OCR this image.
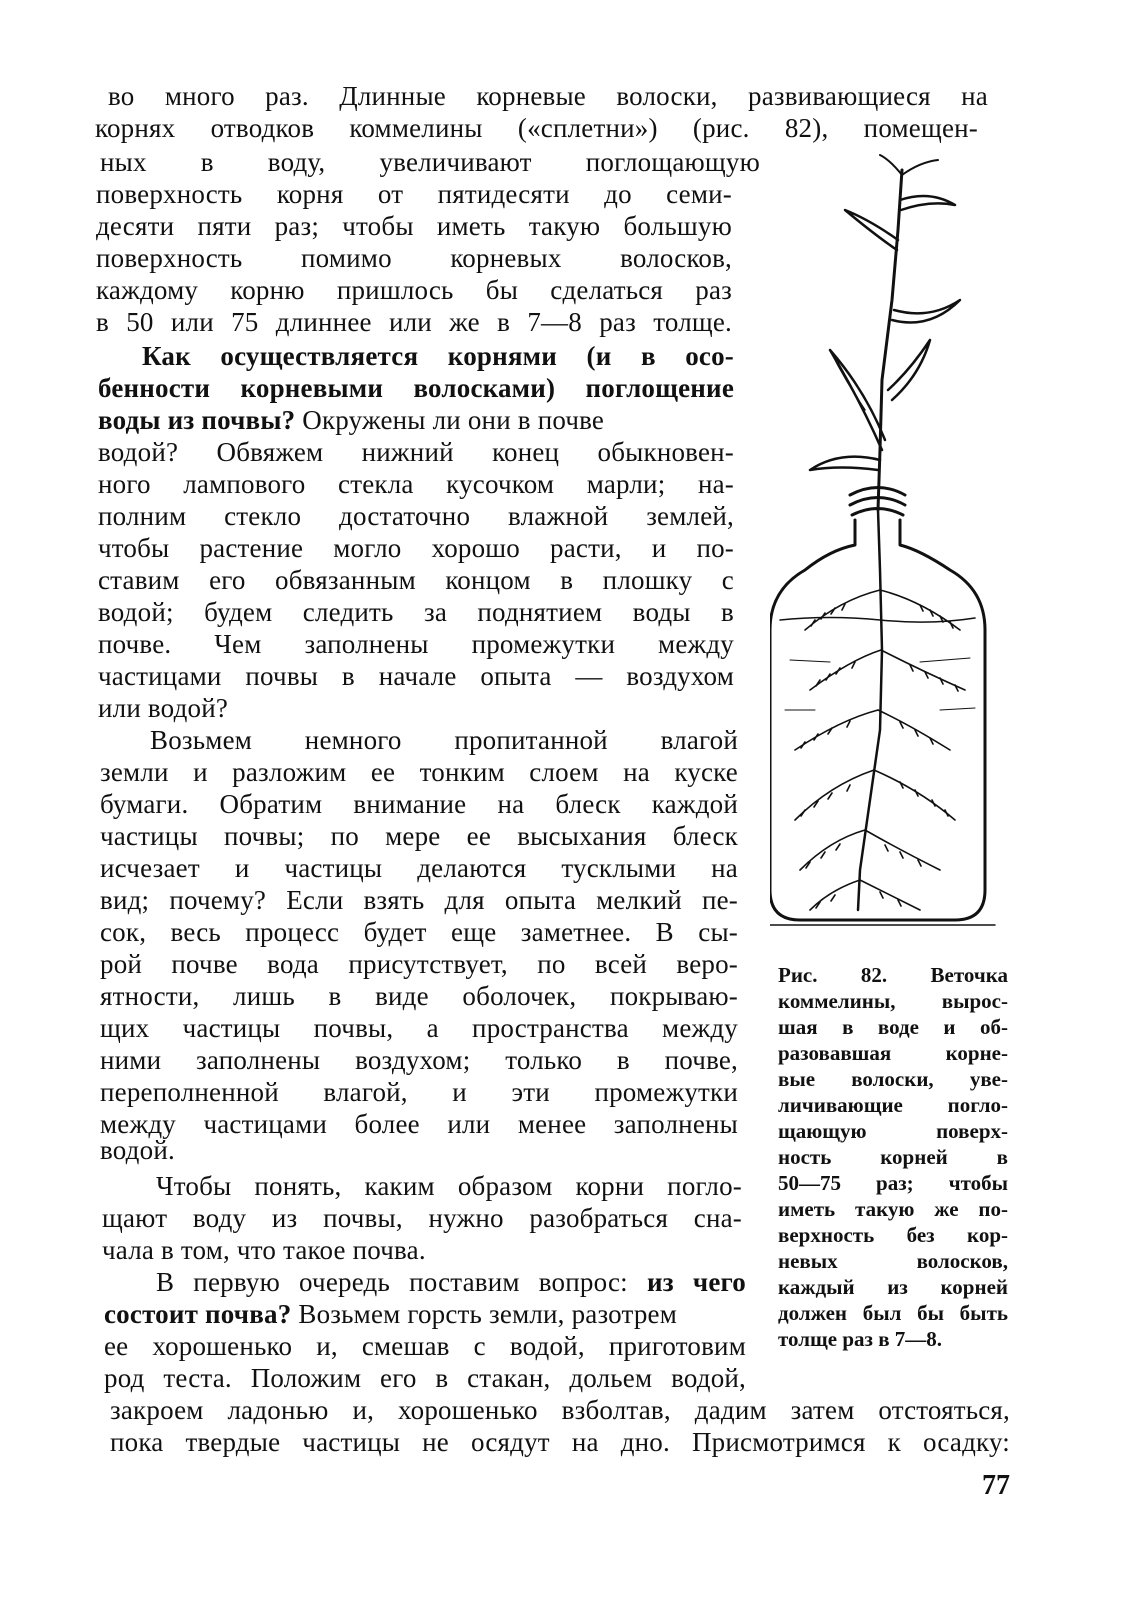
во много раз. Длинные корневые волоски, развивающиеся на
корнях отводков коммелины («сплетни») (рис. 82), помещен-
ных в воду, увеличивают поглощающую
поверхность корня от пятидесяти до семи-
десяти пяти раз; чтобы иметь такую большую
поверхность помимо корневых волосков,
каждому корню пришлось бы сделаться раз
в 50 или 75 длиннее или же в 7—8 раз толще.
Как осуществляется корнями (и в осо-
бенности корневыми волосками) поглощение
воды из почвы? Окружены ли они в почве
водой? Обвяжем нижний конец обыкновен-
ного лампового стекла кусочком марли; на-
полним стекло достаточно влажной землей,
чтобы растение могло хорошо расти, и по-
ставим его обвязанным концом в плошку с
водой; будем следить за поднятием воды в
почве. Чем заполнены промежутки между
частицами почвы в начале опыта — воздухом
или водой?
Возьмем немного пропитанной влагой
земли и разложим ее тонким слоем на куске
бумаги. Обратим внимание на блеск каждой
частицы почвы; по мере ее высыхания блеск
исчезает и частицы делаются тусклыми на
вид; почему? Если взять для опыта мелкий пе-
сок, весь процесс будет еще заметнее. В сы-
рой почве вода присутствует, по всей веро-
ятности, лишь в виде оболочек, покрываю-
щих частицы почвы, а пространства между
ними заполнены воздухом; только в почве,
переполненной влагой, и эти промежутки
между частицами более или менее заполнены
водой.
Чтобы понять, каким образом корни погло-
щают воду из почвы, нужно разобраться сна-
чала в том, что такое почва.
В первую очередь поставим вопрос: из чего
состоит почва? Возьмем горсть земли, разотрем
ее хорошенько и, смешав с водой, приготовим
род теста. Положим его в стакан, дольем водой,
закроем ладонью и, хорошенько взболтав, дадим затем отстояться,
пока твердые частицы не осядут на дно. Присмотримся к осадку:
Рис. 82. Веточка
коммелины, вырос-
шая в воде и об-
разовавшая корне-
вые волоски, уве-
личивающие погло-
щающую поверх-
ность корней в
50—75 раз; чтобы
иметь такую же по-
верхность без кор-
невых волосков,
каждый из корней
должен был бы быть
толще раз в 7—8.
77
